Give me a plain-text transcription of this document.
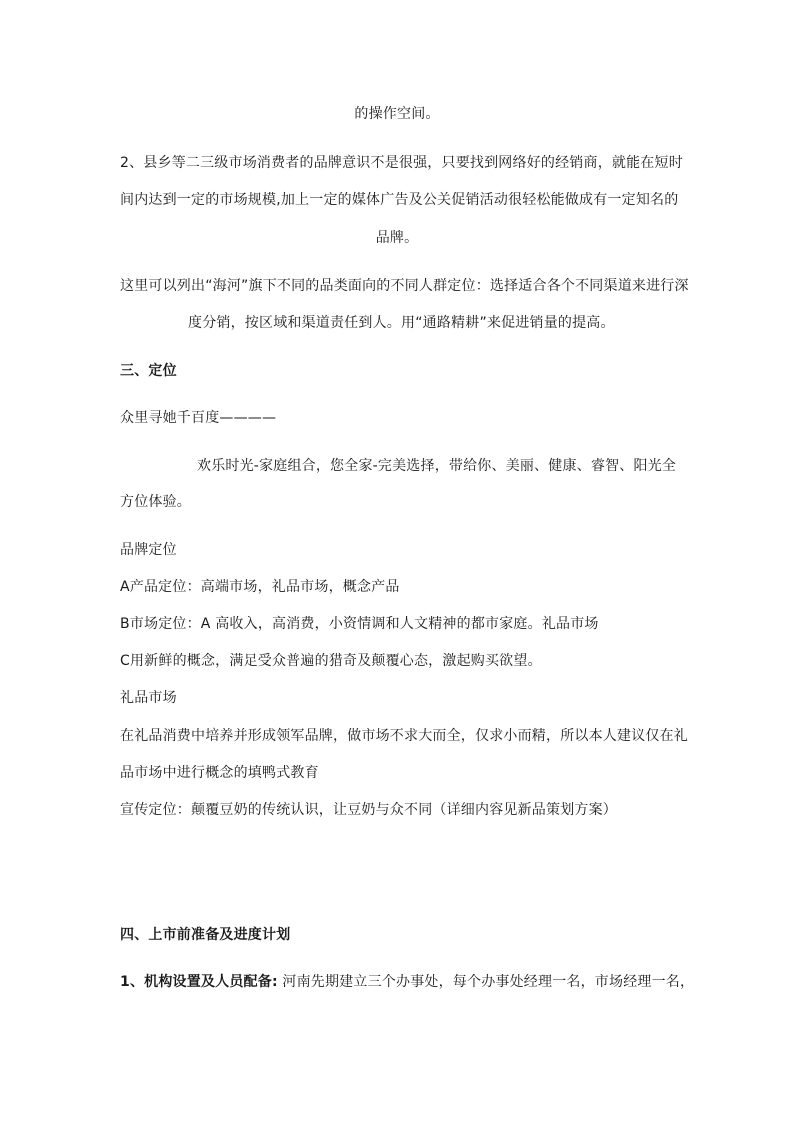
的操作空间。
2、县乡等二三级市场消费者的品牌意识不是很强，只要找到网络好的经销商，就能在短时
间内达到一定的市场规模,加上一定的媒体广告及公关促销活动很轻松能做成有一定知名的
品牌。
这里可以列出“海河”旗下不同的品类面向的不同人群定位：选择适合各个不同渠道来进行深
度分销，按区域和渠道责任到人。用“通路精耕”来促进销量的提高。
三、定位
众里寻她千百度————
欢乐时光-家庭组合，您全家-完美选择，带给你、美丽、健康、睿智、阳光全
方位体验。
品牌定位
A产品定位：高端市场，礼品市场，概念产品
B市场定位：A 高收入，高消费，小资情调和人文精神的都市家庭。礼品市场
C用新鲜的概念，满足受众普遍的猎奇及颠覆心态，激起购买欲望。
礼品市场
在礼品消费中培养并形成领军品牌，做市场不求大而全，仅求小而精，所以本人建议仅在礼
品市场中进行概念的填鸭式教育
宣传定位：颠覆豆奶的传统认识，让豆奶与众不同（详细内容见新品策划方案）
四、上市前准备及进度计划
1、机构设置及人员配备: 河南先期建立三个办事处，每个办事处经理一名，市场经理一名，
